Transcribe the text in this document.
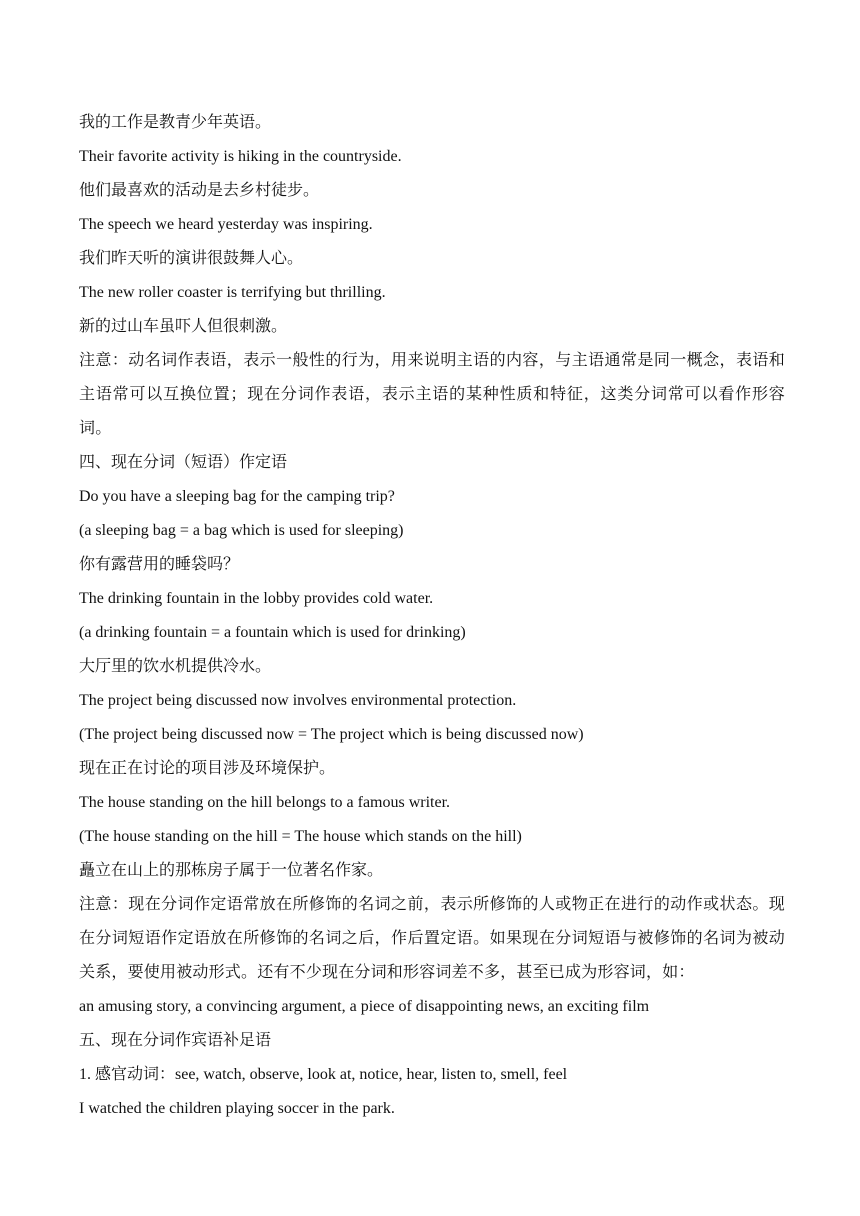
我的工作是教青少年英语。
Their favorite activity is hiking in the countryside.
他们最喜欢的活动是去乡村徒步。
The speech we heard yesterday was inspiring.
我们昨天听的演讲很鼓舞人心。
The new roller coaster is terrifying but thrilling.
新的过山车虽吓人但很刺激。
注意：动名词作表语，表示一般性的行为，用来说明主语的内容，与主语通常是同一概念，表语和主语常可以互换位置；现在分词作表语，表示主语的某种性质和特征，这类分词常可以看作形容词。
四、现在分词（短语）作定语
Do you have a sleeping bag for the camping trip?
(a sleeping bag = a bag which is used for sleeping)
你有露营用的睡袋吗？
The drinking fountain in the lobby provides cold water.
(a drinking fountain = a fountain which is used for drinking)
大厅里的饮水机提供冷水。
The project being discussed now involves environmental protection.
(The project being discussed now = The project which is being discussed now)
现在正在讨论的项目涉及环境保护。
The house standing on the hill belongs to a famous writer.
(The house standing on the hill = The house which stands on the hill)
矗立在山上的那栋房子属于一位著名作家。
注意：现在分词作定语常放在所修饰的名词之前，表示所修饰的人或物正在进行的动作或状态。现在分词短语作定语放在所修饰的名词之后，作后置定语。如果现在分词短语与被修饰的名词为被动关系，要使用被动形式。还有不少现在分词和形容词差不多，甚至已成为形容词，如：
an amusing story, a convincing argument, a piece of disappointing news, an exciting film
五、现在分词作宾语补足语
1. 感官动词：see, watch, observe, look at, notice, hear, listen to, smell, feel
I watched the children playing soccer in the park.
